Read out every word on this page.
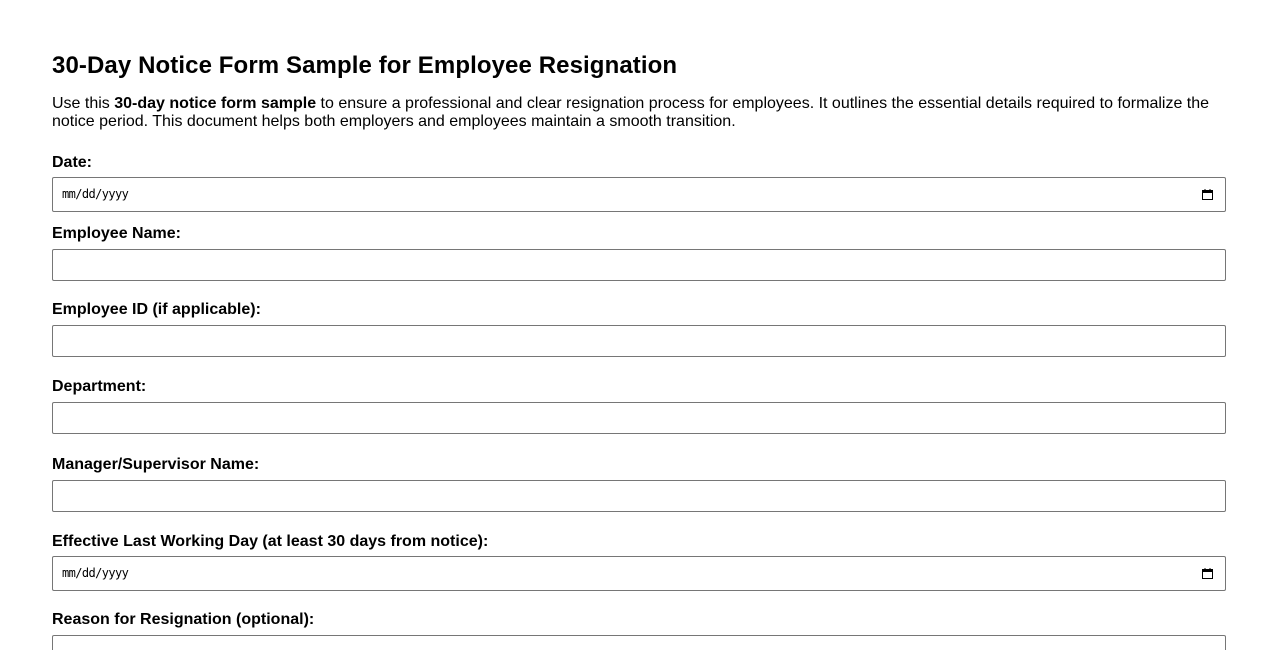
30-Day Notice Form Sample for Employee Resignation

Use this 30-day notice form sample to ensure a professional and clear resignation process for employees. It outlines the essential details required to formalize the notice period. This document helps both employers and employees maintain a smooth transition.

Date:
mm/dd/yyyy
Employee Name:
Employee ID (if applicable):
Department:
Manager/Supervisor Name:
Effective Last Working Day (at least 30 days from notice):
mm/dd/yyyy
Reason for Resignation (optional):
